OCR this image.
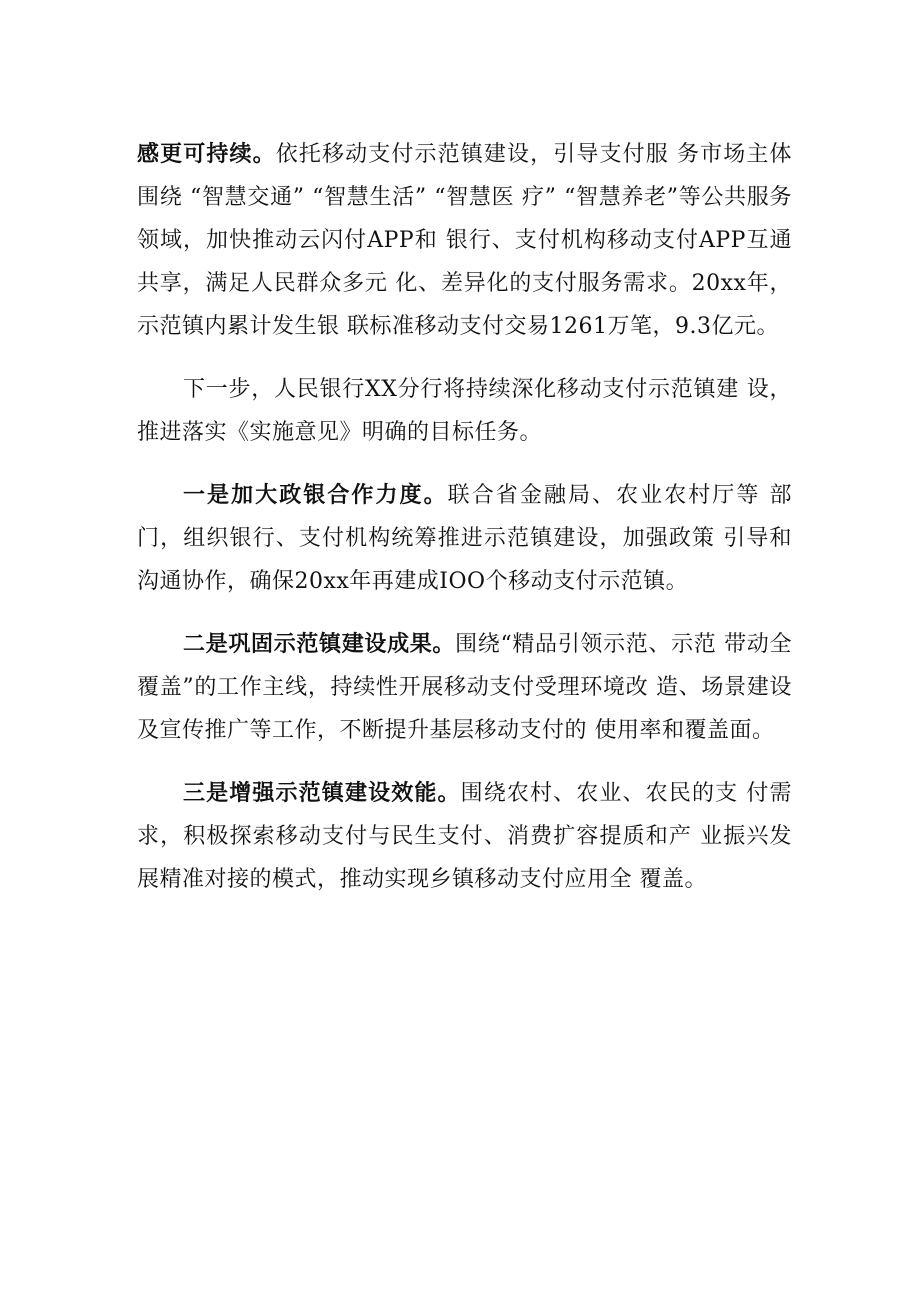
感更可持续。依托移动支付示范镇建设，引导支付服 务市场主体围绕 “智慧交通” “智慧生活” “智慧医 疗” “智慧养老”等公共服务领域，加快推动云闪付APP和 银行、支付机构移动支付APP互通共享，满足人民群众多元 化、差异化的支付服务需求。20xx年，示范镇内累计发生银 联标准移动支付交易1261万笔，9.3亿元。

下一步，人民银行XX分行将持续深化移动支付示范镇建 设，推进落实《实施意见》明确的目标任务。

一是加大政银合作力度。联合省金融局、农业农村厅等 部门，组织银行、支付机构统筹推进示范镇建设，加强政策 引导和沟通协作，确保20xx年再建成IOO个移动支付示范镇。

二是巩固示范镇建设成果。围绕“精品引领示范、示范 带动全覆盖”的工作主线，持续性开展移动支付受理环境改 造、场景建设及宣传推广等工作，不断提升基层移动支付的 使用率和覆盖面。

三是增强示范镇建设效能。围绕农村、农业、农民的支 付需求，积极探索移动支付与民生支付、消费扩容提质和产 业振兴发展精准对接的模式，推动实现乡镇移动支付应用全 覆盖。
